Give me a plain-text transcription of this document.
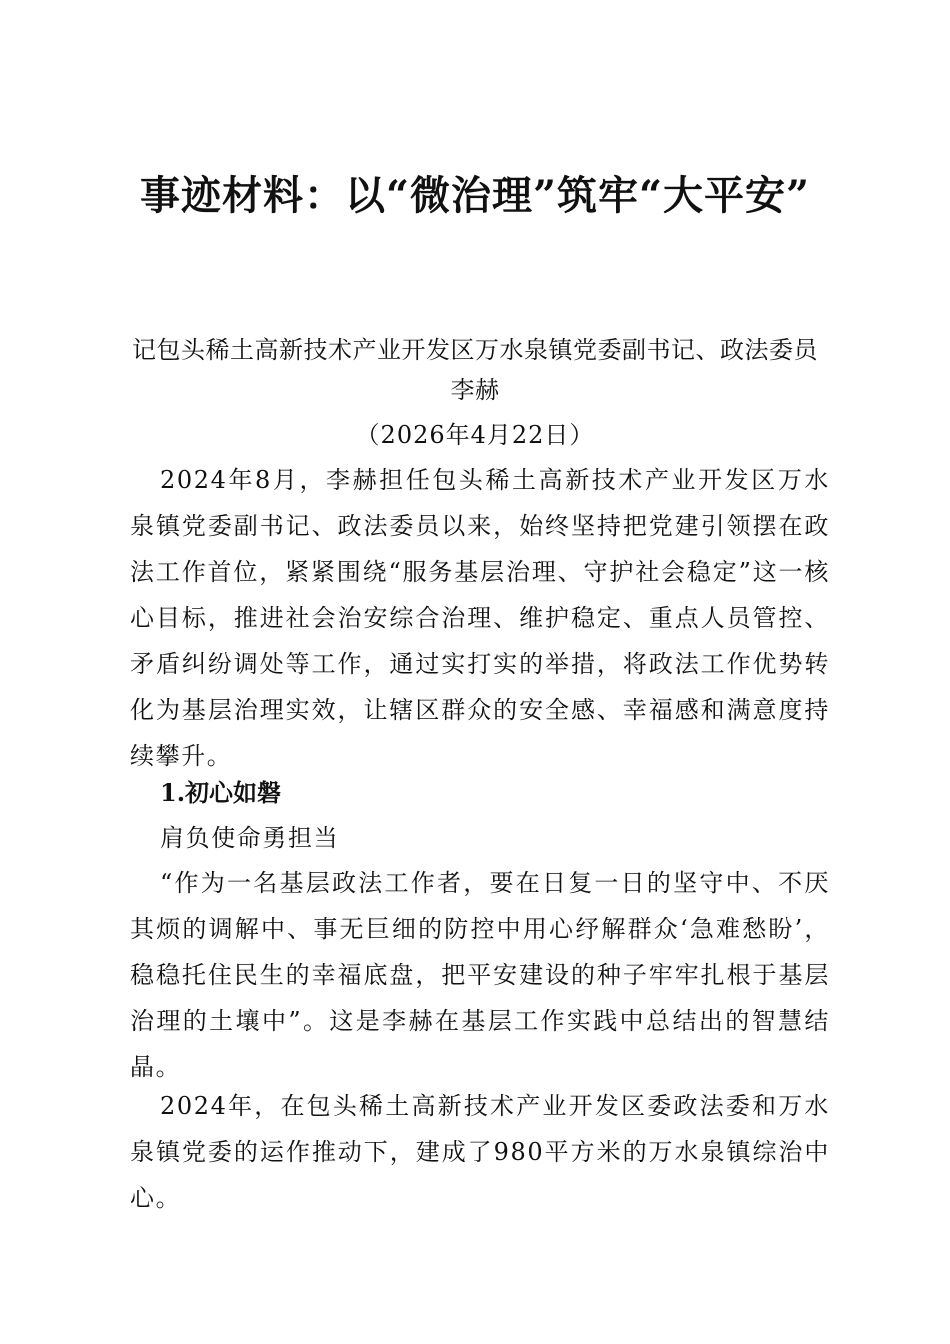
事迹材料：以“微治理”筑牢“大平安”

记包头稀土高新技术产业开发区万水泉镇党委副书记、政法委员李赫

（2026年4月22日）

2024年8月，李赫担任包头稀土高新技术产业开发区万水泉镇党委副书记、政法委员以来，始终坚持把党建引领摆在政法工作首位，紧紧围绕“服务基层治理、守护社会稳定”这一核心目标，推进社会治安综合治理、维护稳定、重点人员管控、矛盾纠纷调处等工作，通过实打实的举措，将政法工作优势转化为基层治理实效，让辖区群众的安全感、幸福感和满意度持续攀升。

1.初心如磐

肩负使命勇担当

“作为一名基层政法工作者，要在日复一日的坚守中、不厌其烦的调解中、事无巨细的防控中用心纾解群众‘急难愁盼’，稳稳托住民生的幸福底盘，把平安建设的种子牢牢扎根于基层治理的土壤中”。这是李赫在基层工作实践中总结出的智慧结晶。

2024年，在包头稀土高新技术产业开发区委政法委和万水泉镇党委的运作推动下，建成了980平方米的万水泉镇综治中心。
